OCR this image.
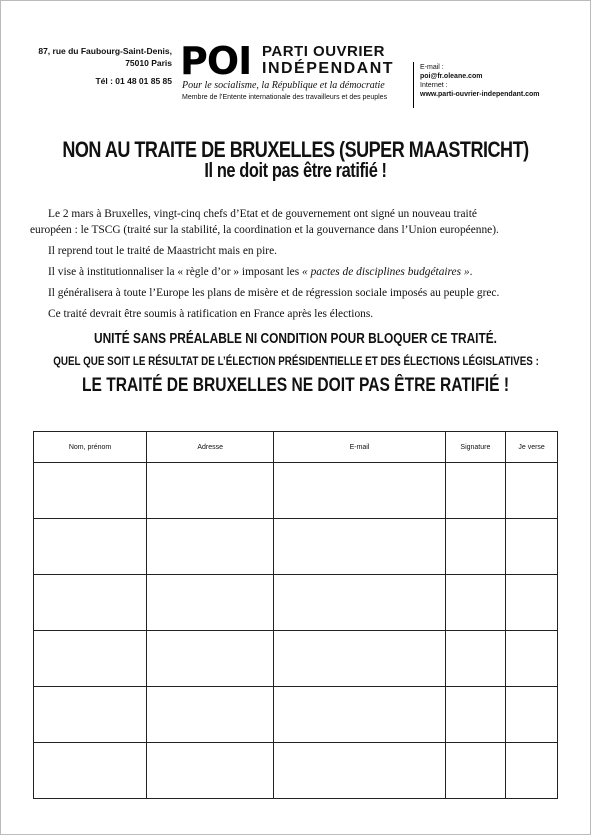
87, rue du Faubourg-Saint-Denis,
75010 Paris
Tél : 01 48 01 85 85 POI PARTI OUVRIER
INDÉPENDANT
Pour le socialisme, la République et la démocratie
Membre de l’Entente internationale des travailleurs et des peuples
E-mail :
poi@fr.oleane.com
Internet :
www.parti-ouvrier-independant.com
NON AU TRAITE DE BRUXELLES (SUPER MAASTRICHT)
Il ne doit pas être ratifié !

Le 2 mars à Bruxelles, vingt-cinq chefs d’Etat et de gouvernement ont signé un nouveau traité
européen : le TSCG (traité sur la stabilité, la coordination et la gouvernance dans l’Union européenne).

Il reprend tout le traité de Maastricht mais en pire.

Il vise à institutionnaliser la « règle d’or » imposant les « pactes de disciplines budgétaires ».

Il généralisera à toute l’Europe les plans de misère et de régression sociale imposés au peuple grec.

Ce traité devrait être soumis à ratification en France après les élections.

UNITÉ SANS PRÉALABLE NI CONDITION POUR BLOQUER CE TRAITÉ.
QUEL QUE SOIT LE RÉSULTAT DE L’ÉLECTION PRÉSIDENTIELLE ET DES ÉLECTIONS LÉGISLATIVES :
LE TRAITÉ DE BRUXELLES NE DOIT PAS ÊTRE RATIFIÉ !
Nom, prénom	Adresse	E-mail	Signature	Je verse
